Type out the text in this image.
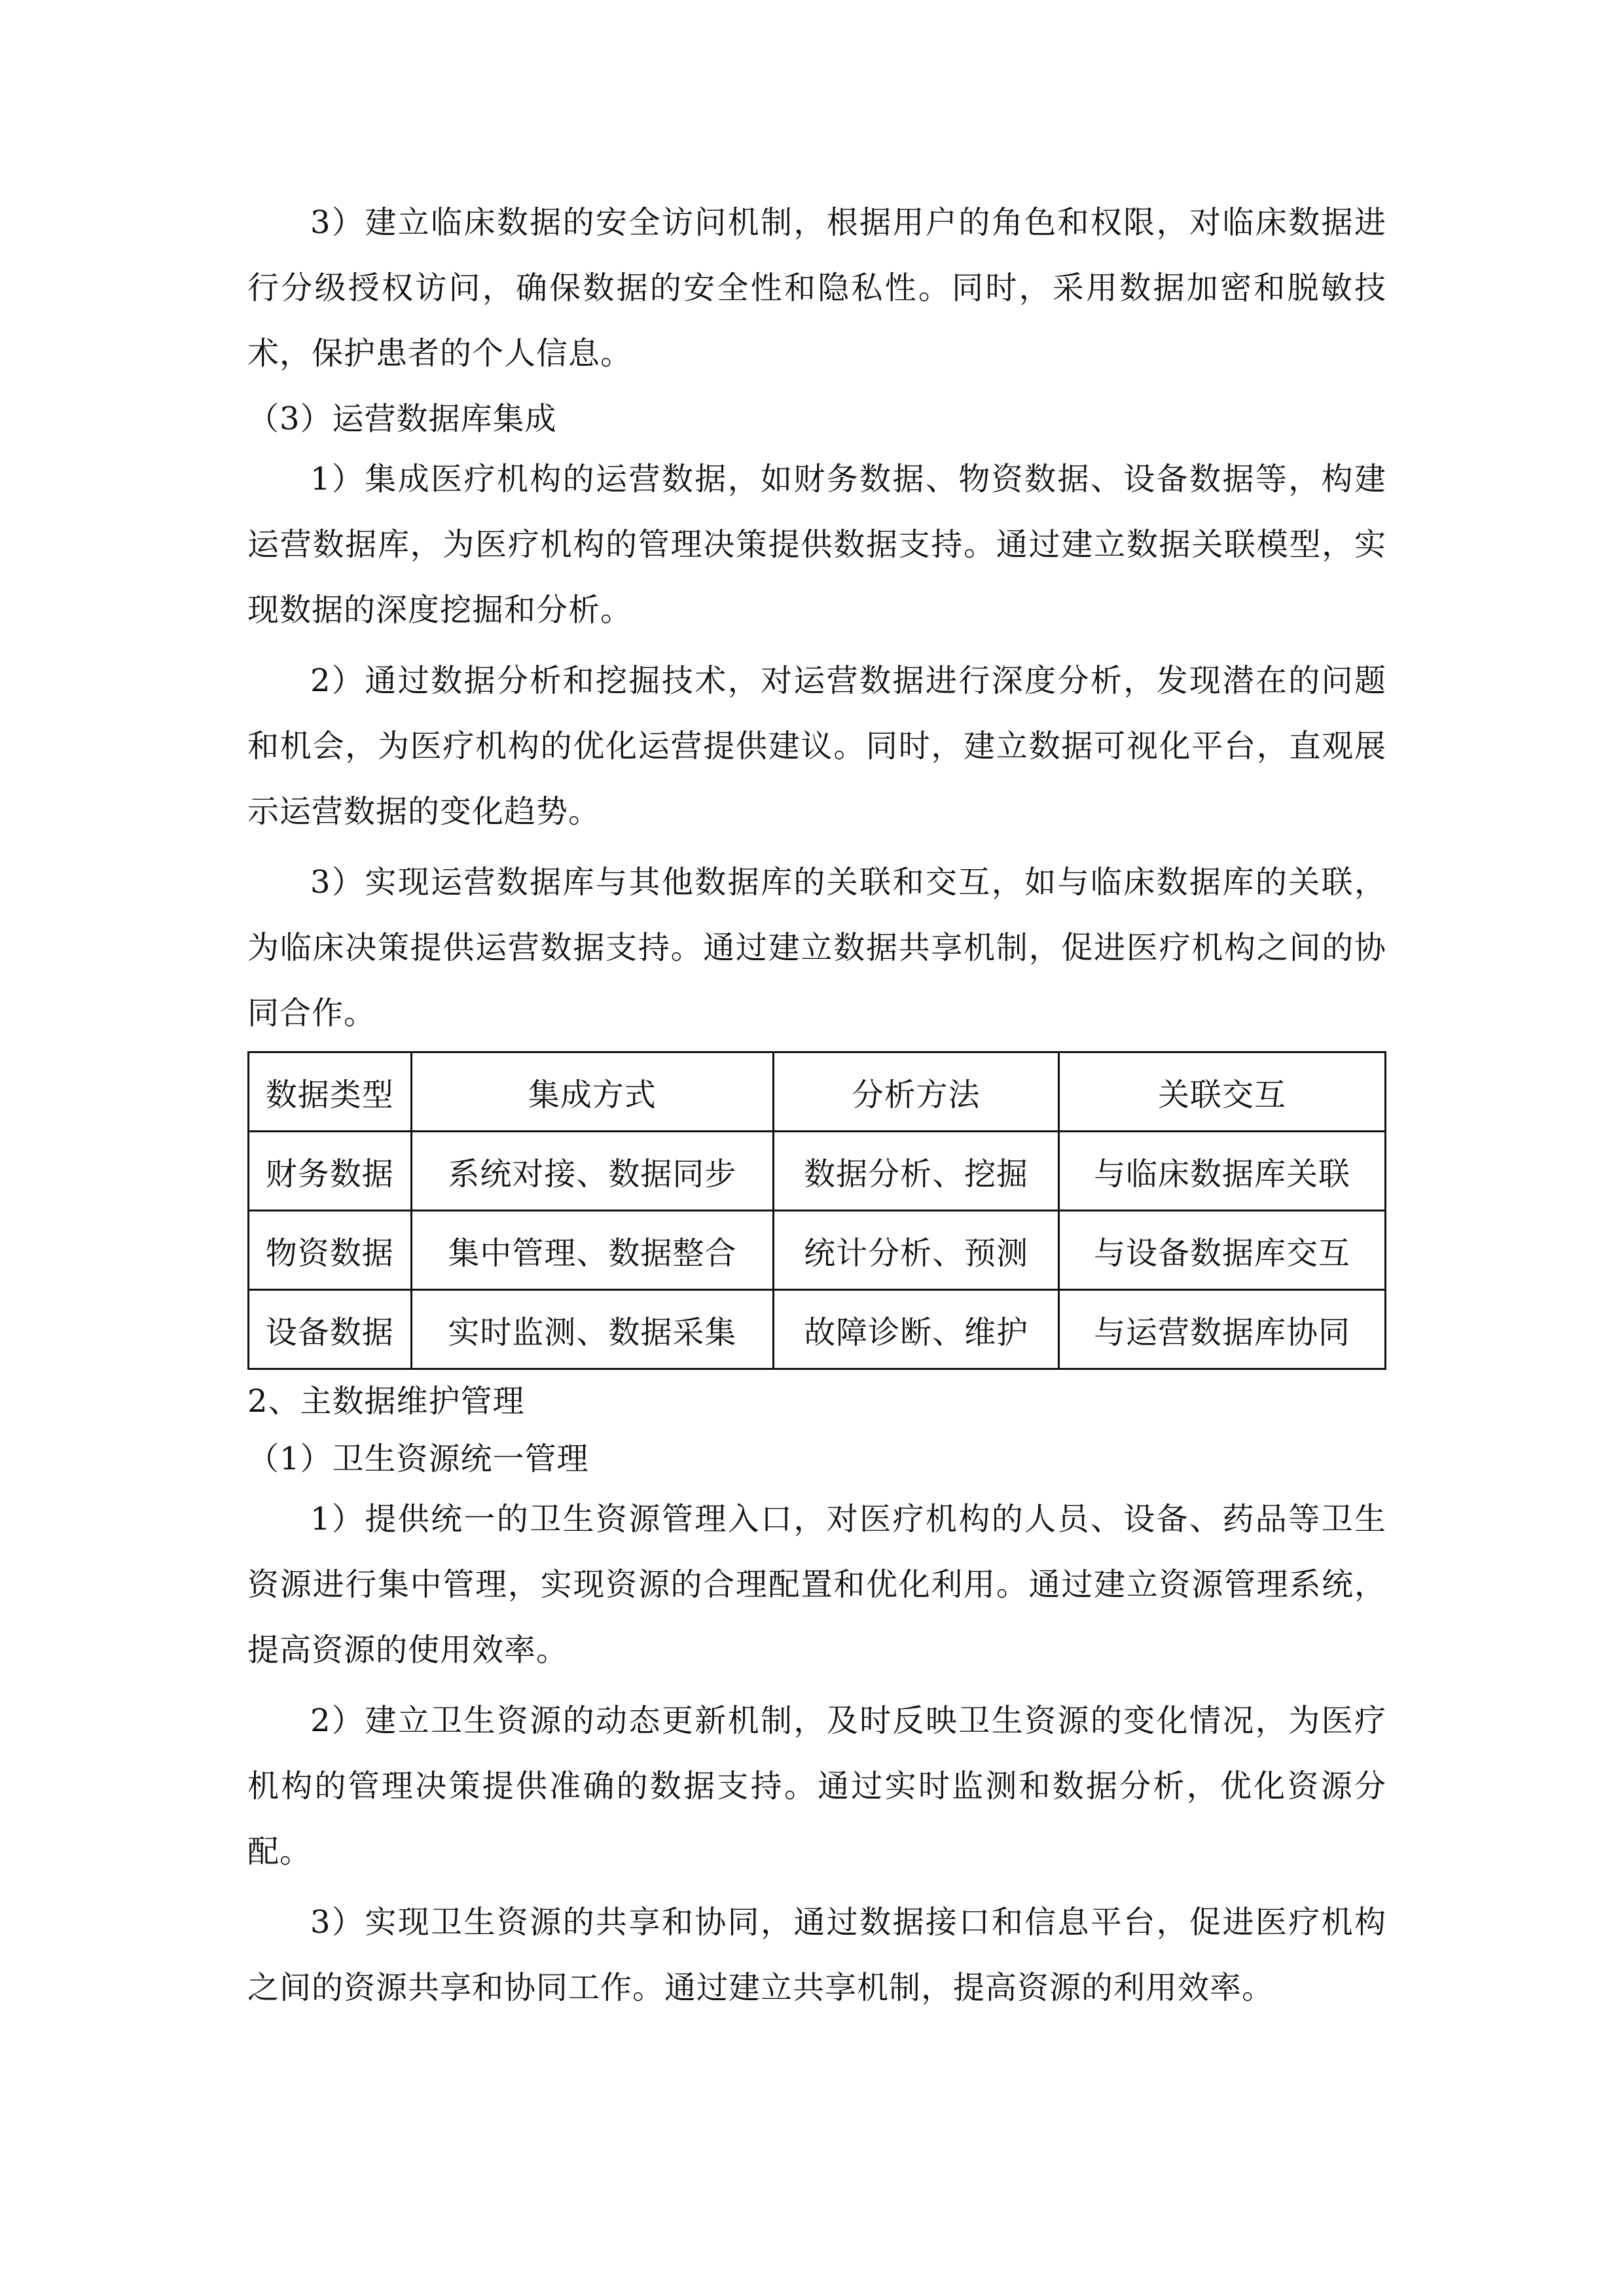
3）建立临床数据的安全访问机制，根据用户的角色和权限，对临床数据进行分级授权访问，确保数据的安全性和隐私性。同时，采用数据加密和脱敏技术，保护患者的个人信息。

（3）运营数据库集成

1）集成医疗机构的运营数据，如财务数据、物资数据、设备数据等，构建运营数据库，为医疗机构的管理决策提供数据支持。通过建立数据关联模型，实现数据的深度挖掘和分析。

2）通过数据分析和挖掘技术，对运营数据进行深度分析，发现潜在的问题和机会，为医疗机构的优化运营提供建议。同时，建立数据可视化平台，直观展示运营数据的变化趋势。

3）实现运营数据库与其他数据库的关联和交互，如与临床数据库的关联，为临床决策提供运营数据支持。通过建立数据共享机制，促进医疗机构之间的协同合作。

数据类型	集成方式	分析方法	关联交互
财务数据	系统对接、数据同步	数据分析、挖掘	与临床数据库关联
物资数据	集中管理、数据整合	统计分析、预测	与设备数据库交互
设备数据	实时监测、数据采集	故障诊断、维护	与运营数据库协同

2、主数据维护管理

（1）卫生资源统一管理

1）提供统一的卫生资源管理入口，对医疗机构的人员、设备、药品等卫生资源进行集中管理，实现资源的合理配置和优化利用。通过建立资源管理系统，提高资源的使用效率。

2）建立卫生资源的动态更新机制，及时反映卫生资源的变化情况，为医疗机构的管理决策提供准确的数据支持。通过实时监测和数据分析，优化资源分配。

3）实现卫生资源的共享和协同，通过数据接口和信息平台，促进医疗机构之间的资源共享和协同工作。通过建立共享机制，提高资源的利用效率。
